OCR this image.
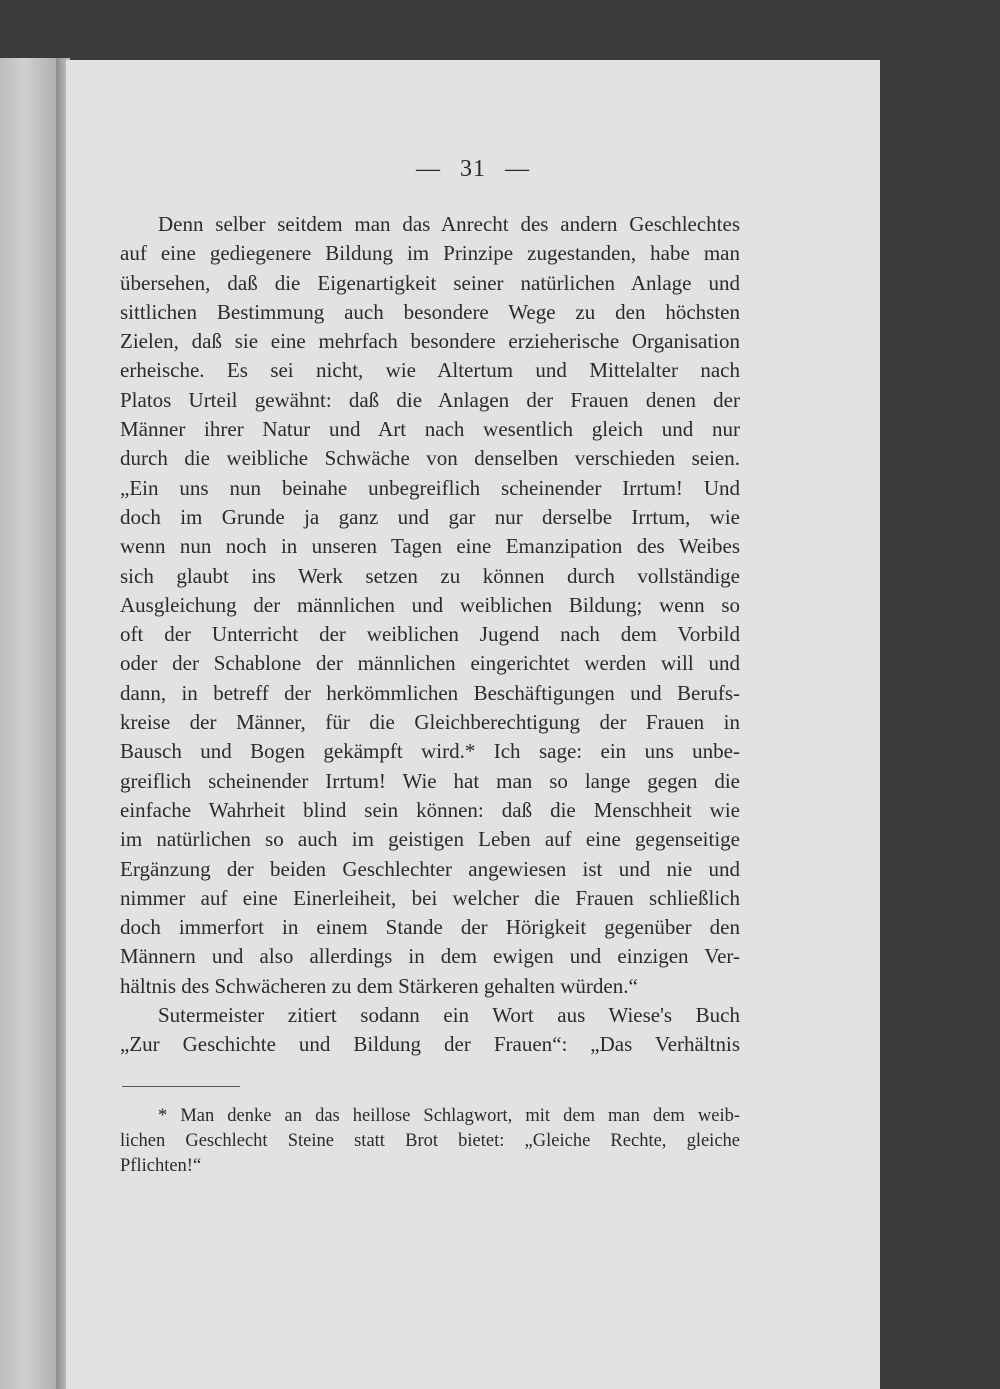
— 31 —
Denn selber seitdem man das Anrecht des andern Geschlechtes
auf eine gediegenere Bildung im Prinzipe zugestanden, habe man
übersehen, daß die Eigenartigkeit seiner natürlichen Anlage und
sittlichen Bestimmung auch besondere Wege zu den höchsten
Zielen, daß sie eine mehrfach besondere erzieherische Organisation
erheische. Es sei nicht, wie Altertum und Mittelalter nach
Platos Urteil gewähnt: daß die Anlagen der Frauen denen der
Männer ihrer Natur und Art nach wesentlich gleich und nur
durch die weibliche Schwäche von denselben verschieden seien.
„Ein uns nun beinahe unbegreiflich scheinender Irrtum! Und
doch im Grunde ja ganz und gar nur derselbe Irrtum, wie
wenn nun noch in unseren Tagen eine Emanzipation des Weibes
sich glaubt ins Werk setzen zu können durch vollständige
Ausgleichung der männlichen und weiblichen Bildung; wenn so
oft der Unterricht der weiblichen Jugend nach dem Vorbild
oder der Schablone der männlichen eingerichtet werden will und
dann, in betreff der herkömmlichen Beschäftigungen und Berufs-
kreise der Männer, für die Gleichberechtigung der Frauen in
Bausch und Bogen gekämpft wird.* Ich sage: ein uns unbe-
greiflich scheinender Irrtum! Wie hat man so lange gegen die
einfache Wahrheit blind sein können: daß die Menschheit wie
im natürlichen so auch im geistigen Leben auf eine gegenseitige
Ergänzung der beiden Geschlechter angewiesen ist und nie und
nimmer auf eine Einerleiheit, bei welcher die Frauen schließlich
doch immerfort in einem Stande der Hörigkeit gegenüber den
Männern und also allerdings in dem ewigen und einzigen Ver-
hältnis des Schwächeren zu dem Stärkeren gehalten würden.“
Sutermeister zitiert sodann ein Wort aus Wiese's Buch
„Zur Geschichte und Bildung der Frauen“: „Das Verhältnis
* Man denke an das heillose Schlagwort, mit dem man dem weib-
lichen Geschlecht Steine statt Brot bietet: „Gleiche Rechte, gleiche
Pflichten!“
